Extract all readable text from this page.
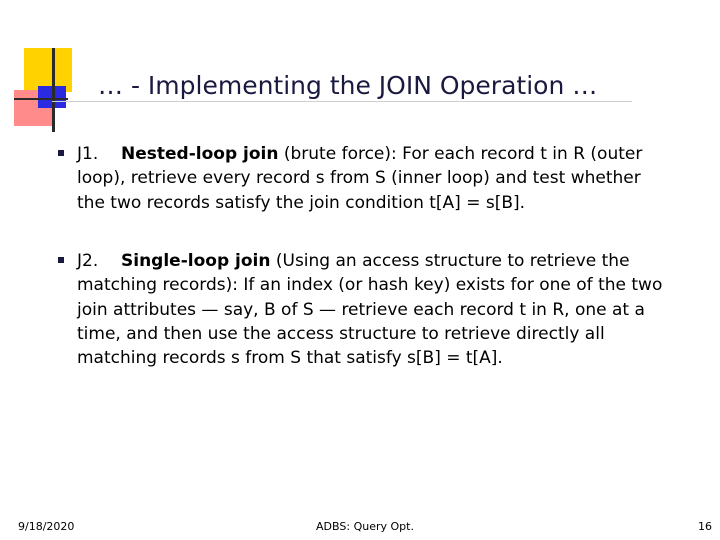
… - Implementing the JOIN Operation …
J1. Nested-loop join (brute force): For each record t in R (outer loop), retrieve every record s from S (inner loop) and test whether the two records satisfy the join condition t[A] = s[B].
J2. Single-loop join (Using an access structure to retrieve the matching records): If an index (or hash key) exists for one of the two join attributes — say, B of S — retrieve each record t in R, one at a time, and then use the access structure to retrieve directly all matching records s from S that satisfy s[B] = t[A].
9/18/2020	ADBS: Query Opt.	16
